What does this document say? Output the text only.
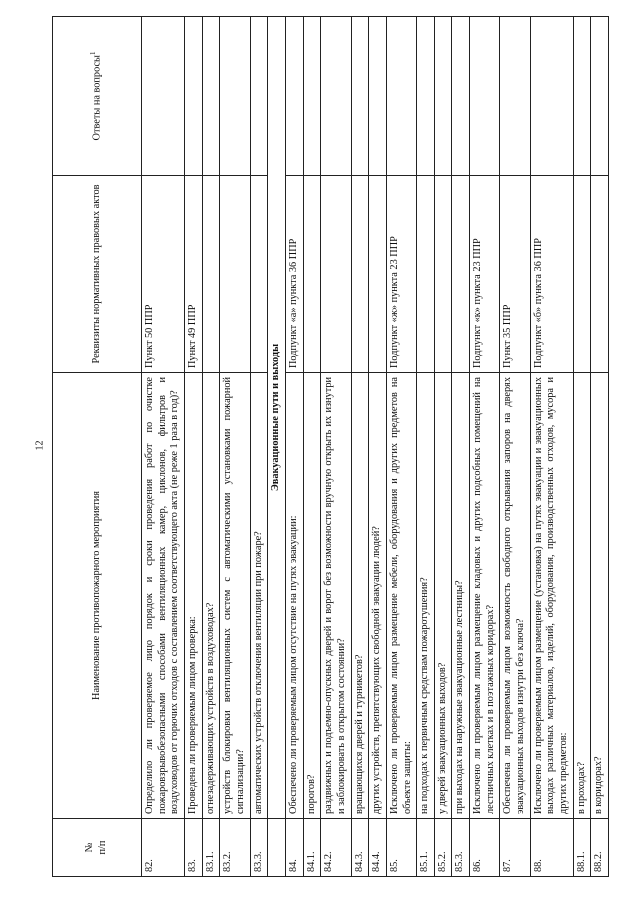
12
№
п/п	Наименование противопожарного мероприятия	Реквизиты нормативных правовых актов	Ответы на вопросы$^1$
82.	Определило ли проверяемое лицо порядок и сроки проведения работ по очистке пожаровзрывобезопасными способами вентиляционных камер, циклонов, фильтров и воздуховодов от горючих отходов с составлением соответствующего акта (не реже 1 раза в год)?	Пункт 50 ППР	
83.	Проведена ли проверяемым лицом проверка:	Пункт 49 ППР	
83.1.	огнезадерживающих устройств в воздуховодах?		
83.2.	устройств блокировки вентиляционных систем с автоматическими установками пожарной сигнализации?		
83.3.	автоматических устройств отключения вентиляции при пожаре?		
	Эвакуационные пути и выходы		
84.	Обеспечено ли проверяемым лицом отсутствие на путях эвакуации:	Подпункт «а» пункта 36 ППР	
84.1.	порогов?		
84.2.	раздвижных и подъемно-опускных дверей и ворот без возможности вручную открыть их изнутри и заблокировать в открытом состоянии?		
84.3.	вращающихся дверей и турникетов?		
84.4.	других устройств, препятствующих свободной эвакуации людей?		
85.	Исключено ли проверяемым лицом размещение мебели, оборудования и других предметов на объекте защиты:	Подпункт «ж» пункта 23 ППР	
85.1.	на подходах к первичным средствам пожаротушения?		
85.2.	у дверей эвакуационных выходов?		
85.3.	при выходах на наружные эвакуационные лестницы?		
86.	Исключено ли проверяемым лицом размещение кладовых и других подсобных помещений на лестничных клетках и в поэтажных коридорах?	Подпункт «к» пункта 23 ППР	
87.	Обеспечена ли проверяемым лицом возможность свободного открывания запоров на дверях эвакуационных выходов изнутри без ключа?	Пункт 35 ППР	
88.	Исключено ли проверяемым лицом размещение (установка) на путях эвакуации и эвакуационных выходах различных материалов, изделий, оборудования, производственных отходов, мусора и других предметов:	Подпункт «б» пункта 36 ППР	
88.1.	в проходах?		
88.2.	в коридорах?		
